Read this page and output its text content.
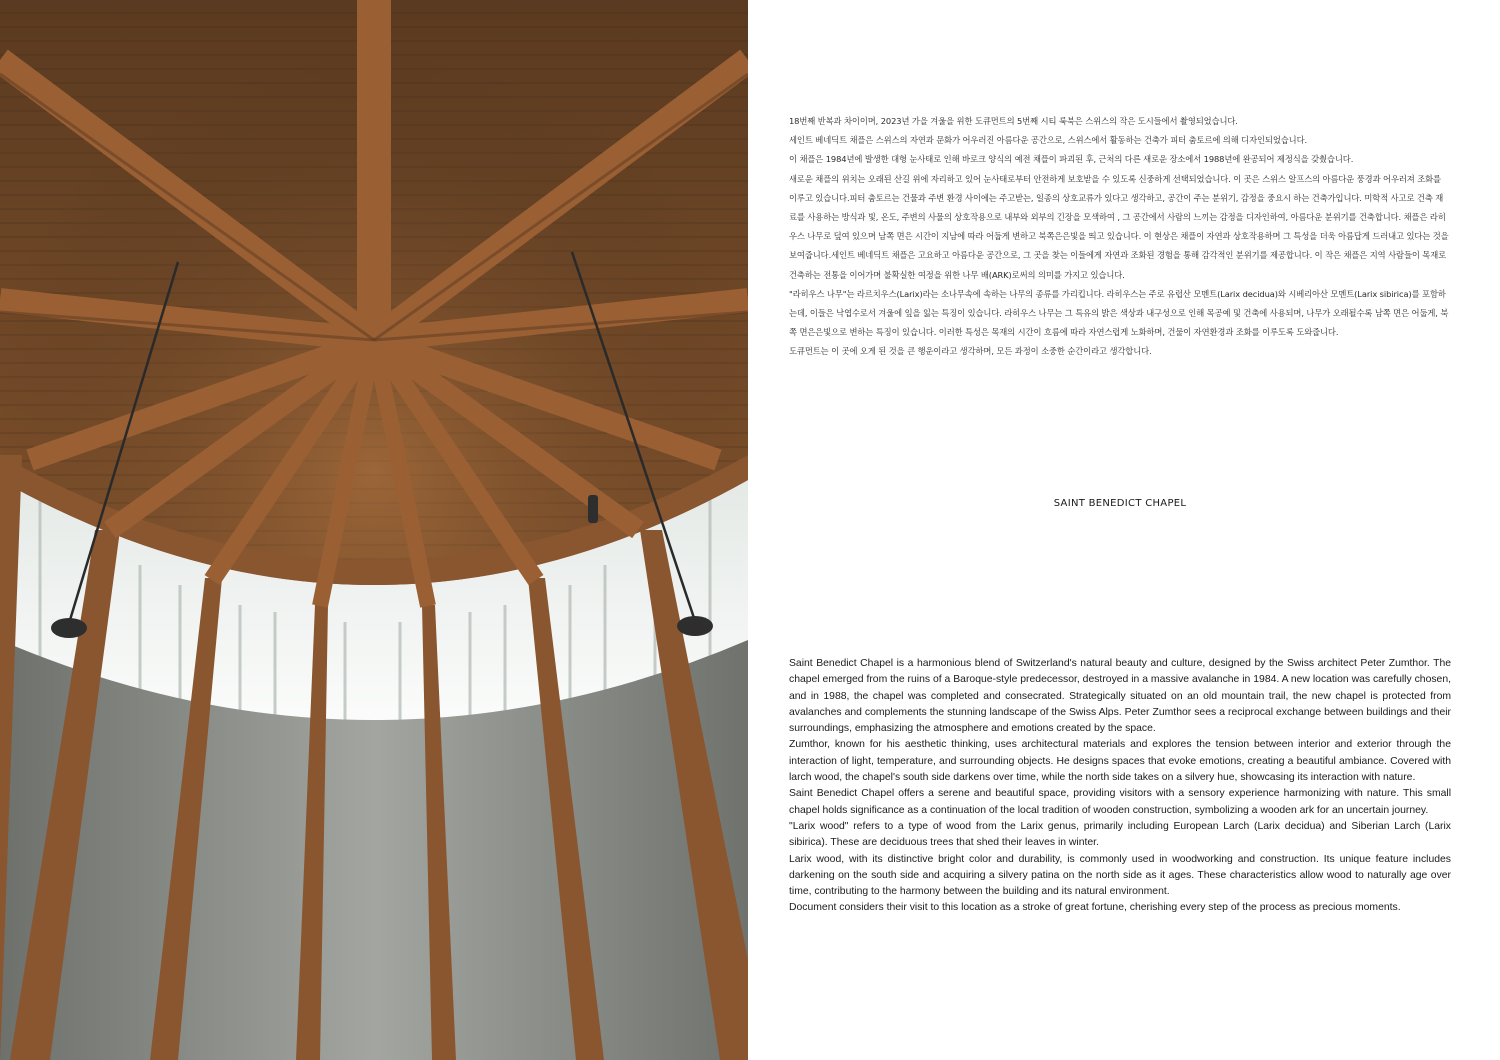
18번째 반복과 차이이며, 2023년 가을 겨울을 위한 도큐먼트의 5번째 시티 룩북은 스위스의 작은 도시들에서 촬영되었습니다.

세인트 베네딕트 채플은 스위스의 자연과 문화가 어우러진 아름다운 공간으로, 스위스에서 활동하는 건축가 피터 춤토르에 의해 디자인되었습니다.

이 채플은 1984년에 발생한 대형 눈사태로 인해 바로크 양식의 예전 채플이 파괴된 후, 근처의 다른 새로운 장소에서 1988년에 완공되어 제정식을 갖췄습니다.

새로운 채플의 위치는 오래된 산길 위에 자리하고 있어 눈사태로부터 안전하게 보호받을 수 있도록 신중하게 선택되었습니다. 이 곳은 스위스 알프스의 아름다운 풍경과 어우러져 조화를 이루고 있습니다.피터 춤토르는 건물과 주변 환경 사이에는 주고받는, 일종의 상호교류가 있다고 생각하고, 공간이 주는 분위기, 감정을 중요시 하는 건축가입니다. 미학적 사고로 건축 재료를 사용하는 방식과 빛, 온도, 주변의 사물의 상호작용으로 내부와 외부의 긴장을 모색하여 , 그 공간에서 사람의 느끼는 감정을 디자인하여, 아름다운 분위기를 건축합니다. 채플은 라히우스 나무로 덮여 있으며 남쪽 면은 시간이 지남에 따라 어둡게 변하고 북쪽은은빛을 띄고 있습니다. 이 현상은 채플이 자연과 상호작용하며 그 특성을 더욱 아름답게 드러내고 있다는 것을 보여줍니다.세인트 베네딕트 채플은 고요하고 아름다운 공간으로, 그 곳을 찾는 이들에게 자연과 조화된 경험을 통해 감각적인 분위기를 제공합니다. 이 작은 채플은 지역 사람들이 목재로 건축하는 전통을 이어가며 불확실한 여정을 위한 나무 배(ARK)로써의 의미를 가지고 있습니다.

"라히우스 나무"는 라르치우스(Larix)라는 소나무속에 속하는 나무의 종류를 가리킵니다. 라히우스는 주로 유럽산 모멘트(Larix decidua)와 시베리아산 모멘트(Larix sibirica)를 포함하는데, 이들은 낙엽수로서 겨울에 잎을 잃는 특징이 있습니다. 라히우스 나무는 그 특유의 밝은 색상과 내구성으로 인해 목공예 및 건축에 사용되며, 나무가 오래될수록 남쪽 면은 어둡게, 북쪽 면은은빛으로 변하는 특징이 있습니다. 이러한 특성은 목재의 시간이 흐름에 따라 자연스럽게 노화하며, 건물이 자연환경과 조화를 이루도록 도와줍니다.

도큐먼트는 이 곳에 오게 된 것을 큰 행운이라고 생각하며, 모든 과정이 소중한 순간이라고 생각합니다.

SAINT BENEDICT CHAPEL

Saint Benedict Chapel is a harmonious blend of Switzerland's natural beauty and culture, designed by the Swiss architect Peter Zumthor. The chapel emerged from the ruins of a Baroque-style predecessor, destroyed in a massive avalanche in 1984. A new location was carefully chosen, and in 1988, the chapel was completed and consecrated. Strategically situated on an old mountain trail, the new chapel is protected from avalanches and complements the stunning landscape of the Swiss Alps. Peter Zumthor sees a reciprocal exchange between buildings and their surroundings, emphasizing the atmosphere and emotions created by the space.

Zumthor, known for his aesthetic thinking, uses architectural materials and explores the tension between interior and exterior through the interaction of light, temperature, and surrounding objects. He designs spaces that evoke emotions, creating a beautiful ambiance. Covered with larch wood, the chapel's south side darkens over time, while the north side takes on a silvery hue, showcasing its interaction with nature.

Saint Benedict Chapel offers a serene and beautiful space, providing visitors with a sensory experience harmonizing with nature. This small chapel holds significance as a continuation of the local tradition of wooden construction, symbolizing a wooden ark for an uncertain journey.

"Larix wood" refers to a type of wood from the Larix genus, primarily including European Larch (Larix decidua) and Siberian Larch (Larix sibirica). These are deciduous trees that shed their leaves in winter.

Larix wood, with its distinctive bright color and durability, is commonly used in woodworking and construction. Its unique feature includes darkening on the south side and acquiring a silvery patina on the north side as it ages. These characteristics allow wood to naturally age over time, contributing to the harmony between the building and its natural environment.

Document considers their visit to this location as a stroke of great fortune, cherishing every step of the process as precious moments.
